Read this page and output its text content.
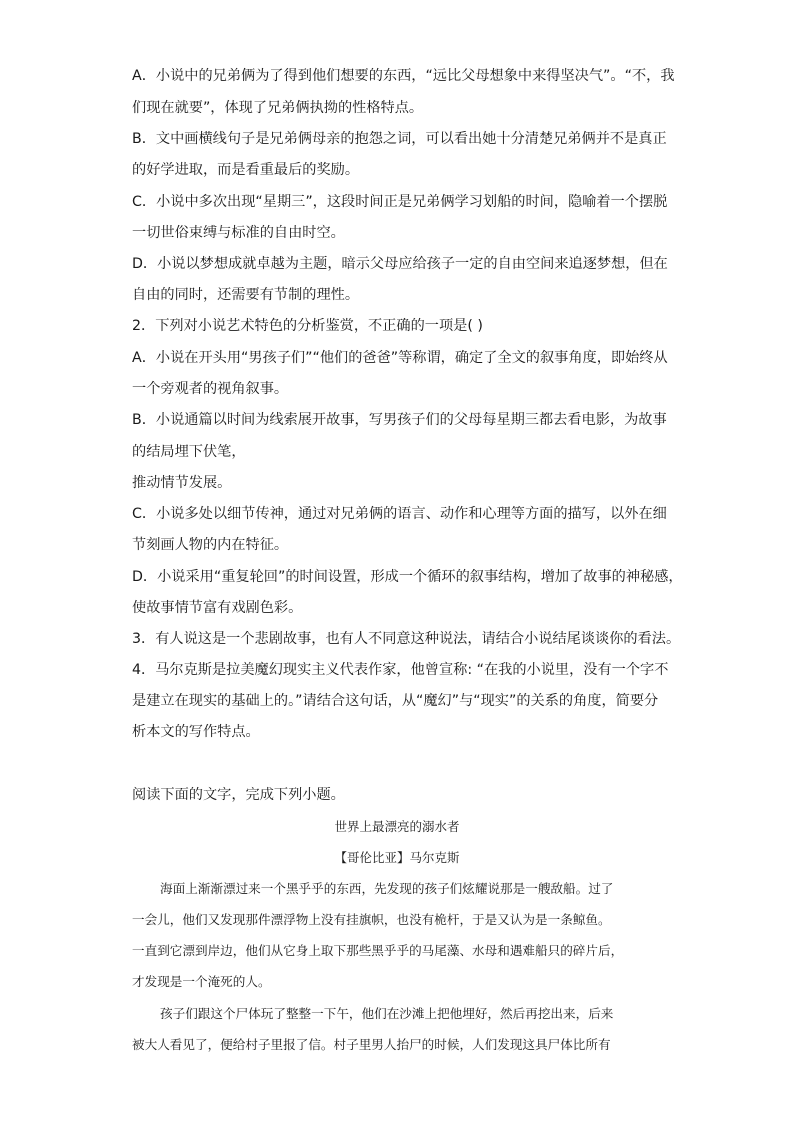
A．小说中的兄弟俩为了得到他们想要的东西，“远比父母想象中来得坚决气”。“不，我
们现在就要”，体现了兄弟俩执拗的性格特点。
B．文中画横线句子是兄弟俩母亲的抱怨之词，可以看出她十分清楚兄弟俩并不是真正
的好学进取，而是看重最后的奖励。
C．小说中多次出现“星期三”，这段时间正是兄弟俩学习划船的时间，隐喻着一个摆脱
一切世俗束缚与标准的自由时空。
D．小说以梦想成就卓越为主题，暗示父母应给孩子一定的自由空间来追逐梦想，但在
自由的同时，还需要有节制的理性。
2．下列对小说艺术特色的分析鉴赏，不正确的一项是( )
A．小说在开头用“男孩子们”“他们的爸爸”等称谓，确定了全文的叙事角度，即始终从
一个旁观者的视角叙事。
B．小说通篇以时间为线索展开故事，写男孩子们的父母每星期三都去看电影，为故事
的结局埋下伏笔，
推动情节发展。
C．小说多处以细节传神，通过对兄弟俩的语言、动作和心理等方面的描写，以外在细
节刻画人物的内在特征。
D．小说采用“重复轮回”的时间设置，形成一个循环的叙事结构，增加了故事的神秘感，
使故事情节富有戏剧色彩。
3．有人说这是一个悲剧故事，也有人不同意这种说法，请结合小说结尾谈谈你的看法。
4．马尔克斯是拉美魔幻现实主义代表作家，他曾宣称: “在我的小说里，没有一个字不
是建立在现实的基础上的。”请结合这句话，从“魔幻”与“现实”的关系的角度，简要分
析本文的写作特点。
阅读下面的文字，完成下列小题。
世界上最漂亮的溺水者
【哥伦比亚】马尔克斯
海面上渐渐漂过来一个黑乎乎的东西，先发现的孩子们炫耀说那是一艘敌船。过了
一会儿，他们又发现那件漂浮物上没有挂旗帜，也没有桅杆，于是又认为是一条鲸鱼。
一直到它漂到岸边，他们从它身上取下那些黑乎乎的马尾藻、水母和遇难船只的碎片后，
才发现是一个淹死的人。
孩子们跟这个尸体玩了整整一下午，他们在沙滩上把他埋好，然后再挖出来，后来
被大人看见了，便给村子里报了信。村子里男人抬尸的时候，人们发现这具尸体比所有
